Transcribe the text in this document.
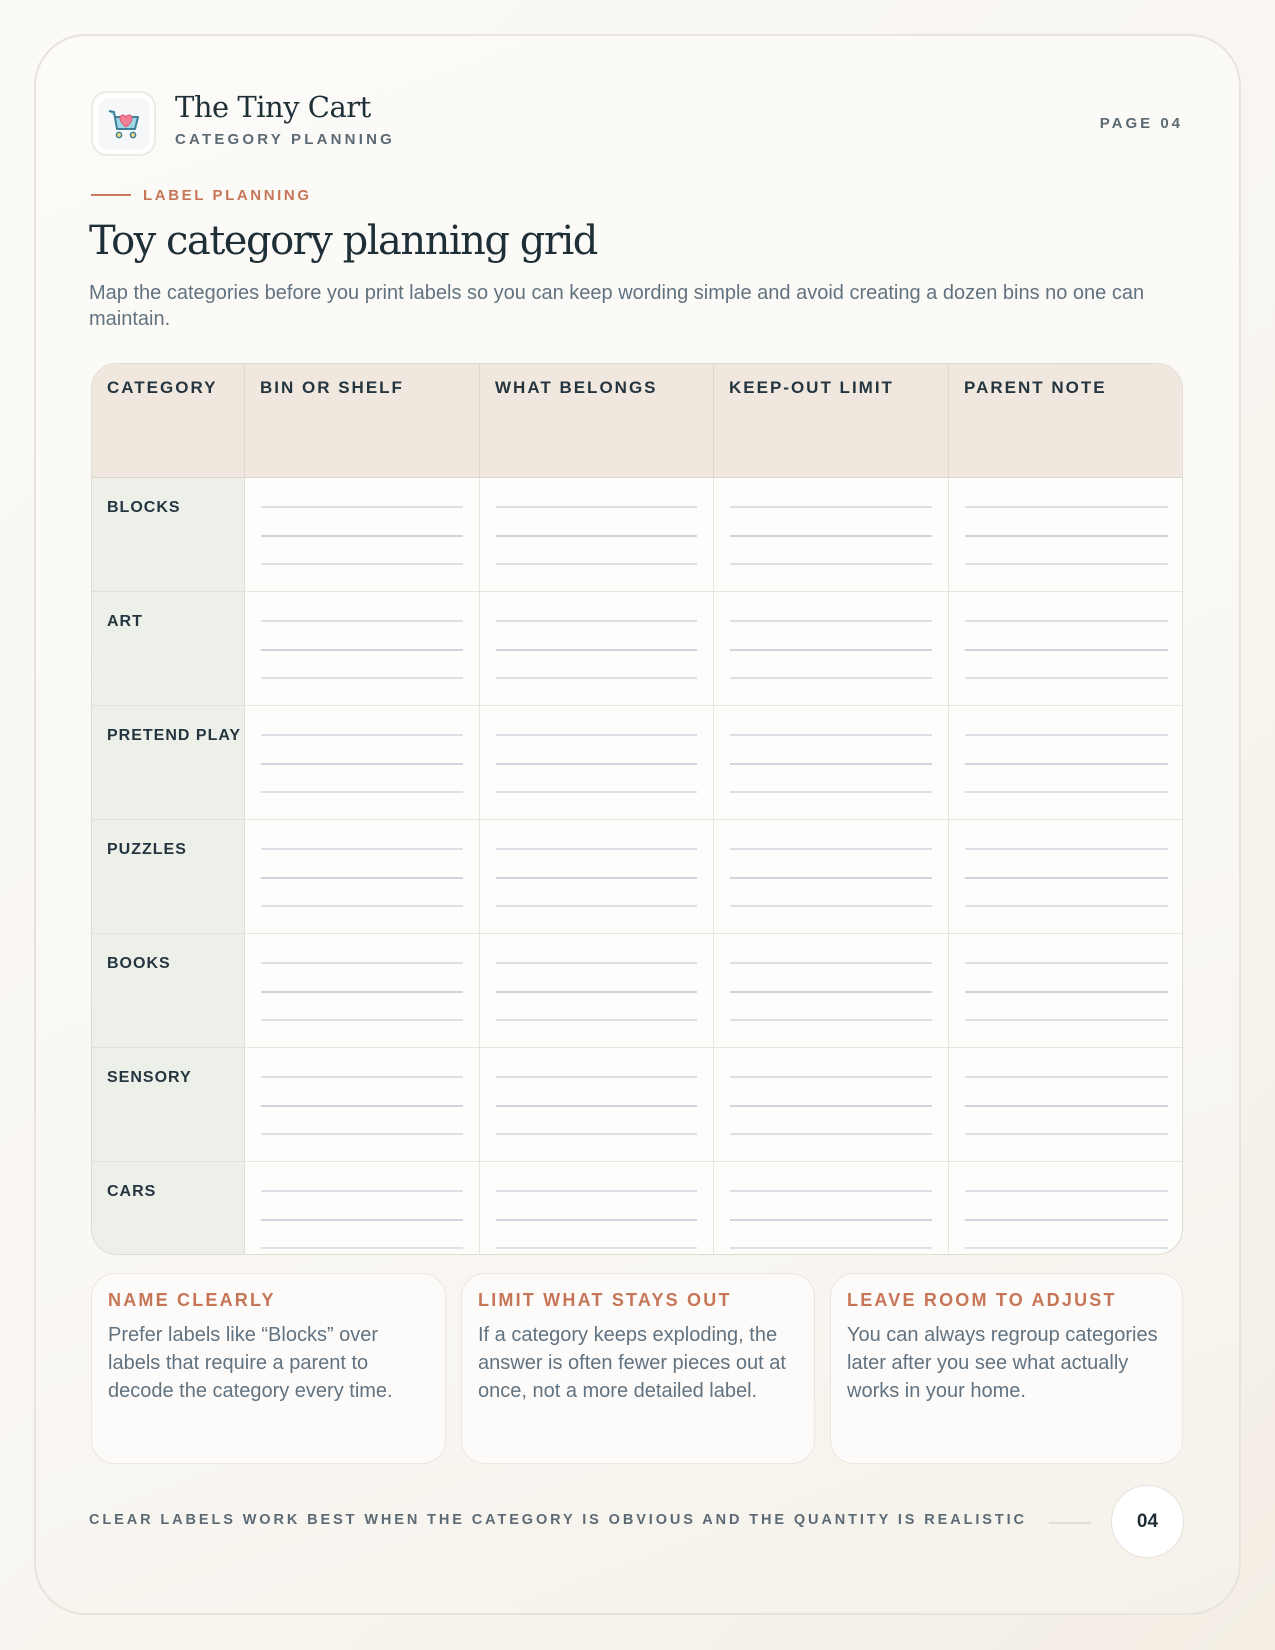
The Tiny Cart
CATEGORY PLANNING
PAGE 04
LABEL PLANNING
Toy category planning grid

Map the categories before you print labels so you can keep wording simple and avoid creating a dozen bins no one can maintain.

CATEGORY	BIN OR SHELF	WHAT BELONGS	KEEP-OUT LIMIT	PARENT NOTE
BLOCKS
ART
PRETEND PLAY
PUZZLES
BOOKS
SENSORY
CARS
NAME CLEARLY

Prefer labels like “Blocks” over labels that require a parent to decode the category every time.

LIMIT WHAT STAYS OUT

If a category keeps exploding, the answer is often fewer pieces out at once, not a more detailed label.

LEAVE ROOM TO ADJUST

You can always regroup categories later after you see what actually works in your home.

CLEAR LABELS WORK BEST WHEN THE CATEGORY IS OBVIOUS AND THE QUANTITY IS REALISTIC	04
